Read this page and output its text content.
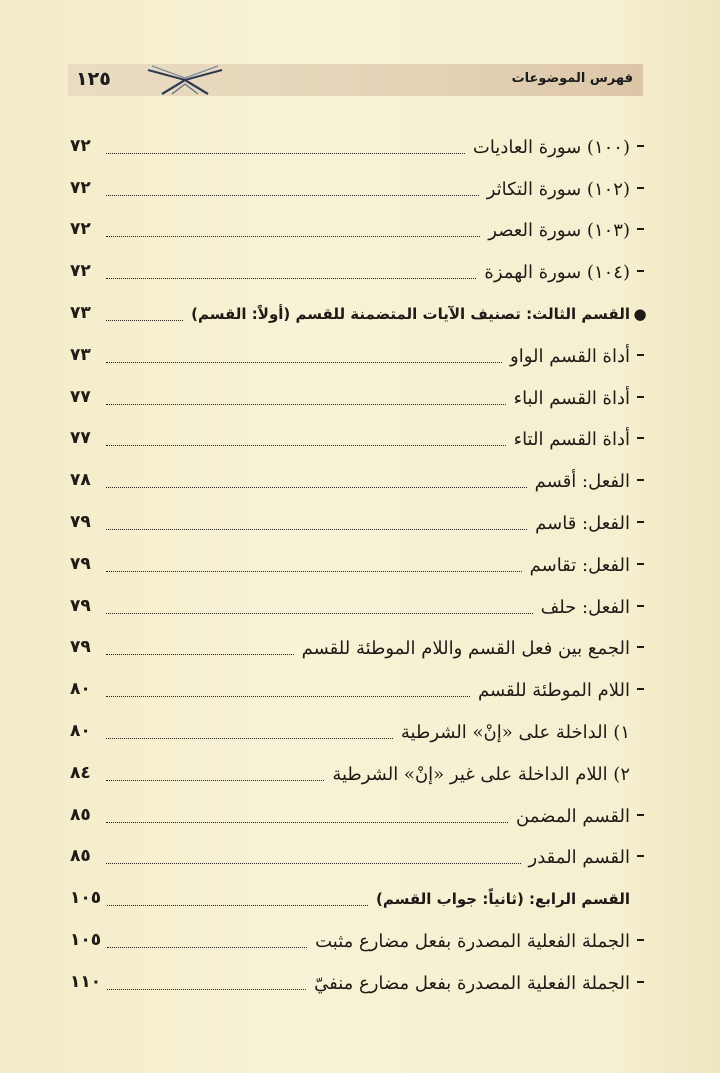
١٢٥	فهرس الموضوعات
(١٠٠) سورة العاديات
٧٢
(١٠٢) سورة التكاثر
٧٢
(١٠٣) سورة العصر
٧٢
(١٠٤) سورة الهمزة
٧٢
●
القسم الثالث: تصنيف الآيات المتضمنة للقسم (أولاً: القسم)
٧٣
أداة القسم الواو
٧٣
أداة القسم الباء
٧٧
أداة القسم التاء
٧٧
الفعل: أقسم
٧٨
الفعل: قاسم
٧٩
الفعل: تقاسم
٧٩
الفعل: حلف
٧٩
الجمع بين فعل القسم واللام الموطئة للقسم
٧٩
اللام الموطئة للقسم
٨٠
١) الداخلة على «إنْ» الشرطية
٨٠
٢) اللام الداخلة على غير «إنْ» الشرطية
٨٤
القسم المضمن
٨٥
القسم المقدر
٨٥
القسم الرابع: (ثانياً: جواب القسم)
١٠٥
الجملة الفعلية المصدرة بفعل مضارع مثبت
١٠٥
الجملة الفعلية المصدرة بفعل مضارع منفيّ
١١٠
